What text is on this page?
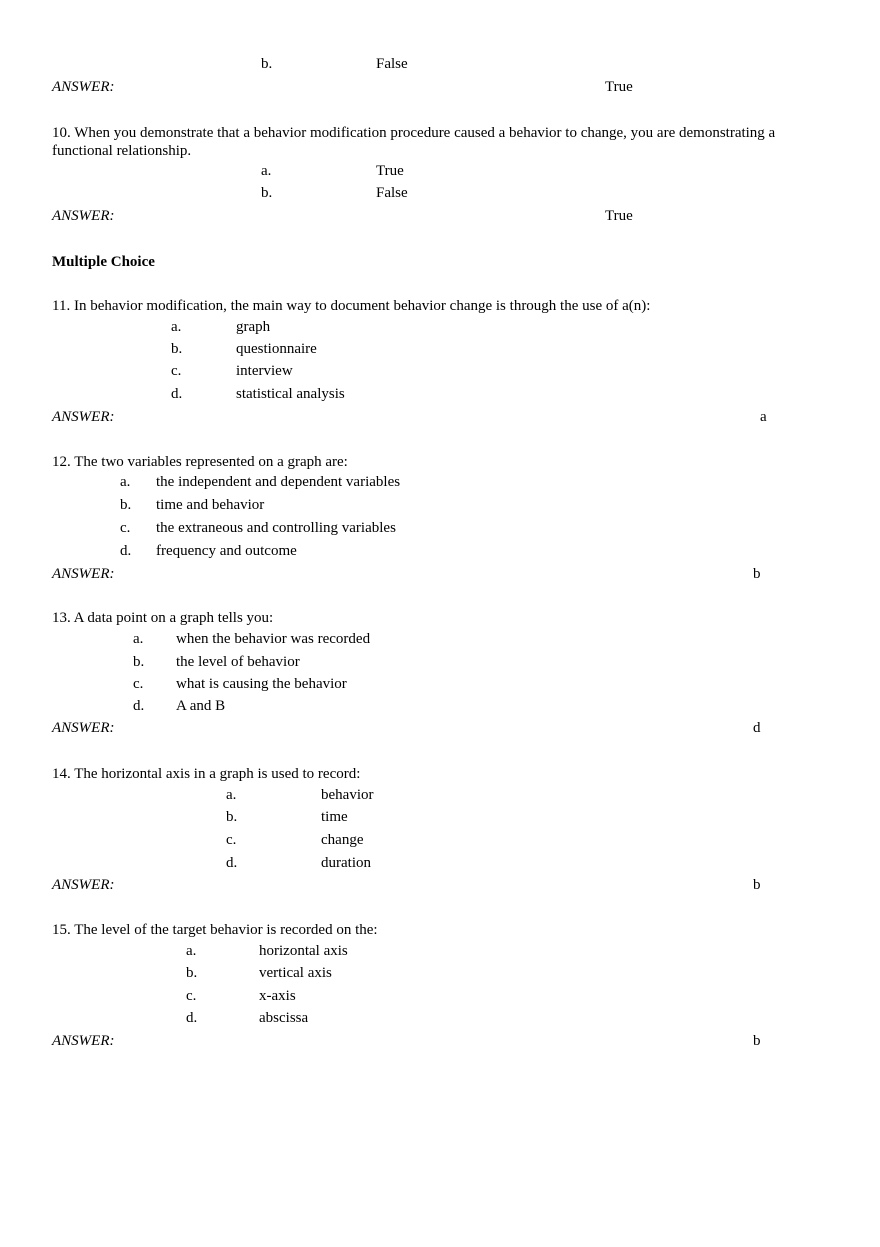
b.	False
ANSWER:	True
10. When you demonstrate that a behavior modification procedure caused a behavior to change, you are demonstrating a functional relationship.
a.	True
b.	False
ANSWER:	True
Multiple Choice
11. In behavior modification, the main way to document behavior change is through the use of a(n):
a.	graph
b.	questionnaire
c.	interview
d.	statistical analysis
ANSWER:	a
12. The two variables represented on a graph are:
a. the independent and dependent variables
b. time and behavior
c. the extraneous and controlling variables
d. frequency and outcome
ANSWER:	b
13. A data point on a graph tells you:
a. when the behavior was recorded
b. the level of behavior
c. what is causing the behavior
d. A and B
ANSWER:	d
14. The horizontal axis in a graph is used to record:
a.	behavior
b.	time
c.	change
d.	duration
ANSWER:	b
15. The level of the target behavior is recorded on the:
a.	horizontal axis
b.	vertical axis
c.	x-axis
d.	abscissa
ANSWER:	b
